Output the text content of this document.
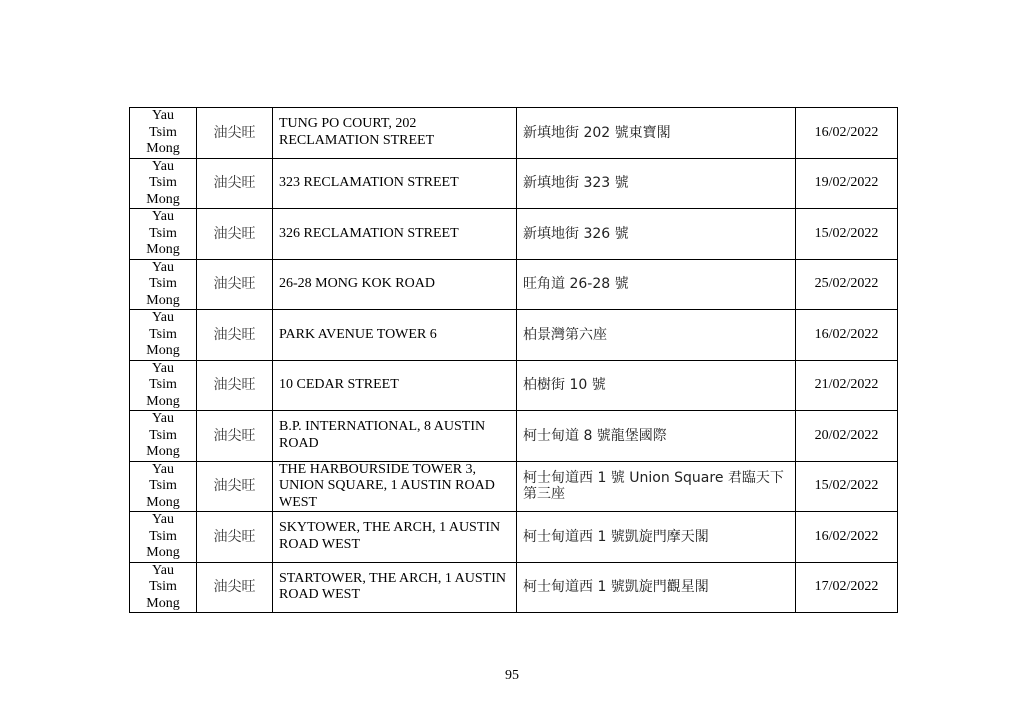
Yau
Tsim
Mong	油尖旺	TUNG PO COURT, 202 RECLAMATION STREET	新填地街 202 號東寶閣	16/02/2022
Yau
Tsim
Mong	油尖旺	323 RECLAMATION STREET	新填地街 323 號	19/02/2022
Yau
Tsim
Mong	油尖旺	326 RECLAMATION STREET	新填地街 326 號	15/02/2022
Yau
Tsim
Mong	油尖旺	26-28 MONG KOK ROAD	旺角道 26-28 號	25/02/2022
Yau
Tsim
Mong	油尖旺	PARK AVENUE TOWER 6	柏景灣第六座	16/02/2022
Yau
Tsim
Mong	油尖旺	10 CEDAR STREET	柏樹街 10 號	21/02/2022
Yau
Tsim
Mong	油尖旺	B.P. INTERNATIONAL, 8 AUSTIN ROAD	柯士甸道 8 號龍堡國際	20/02/2022
Yau
Tsim
Mong	油尖旺	THE HARBOURSIDE TOWER 3, UNION SQUARE, 1 AUSTIN ROAD WEST	柯士甸道西 1 號 Union Square 君臨天下第三座	15/02/2022
Yau
Tsim
Mong	油尖旺	SKYTOWER, THE ARCH, 1 AUSTIN ROAD WEST	柯士甸道西 1 號凱旋門摩天閣	16/02/2022
Yau
Tsim
Mong	油尖旺	STARTOWER, THE ARCH, 1 AUSTIN ROAD WEST	柯士甸道西 1 號凱旋門觀星閣	17/02/2022
95
